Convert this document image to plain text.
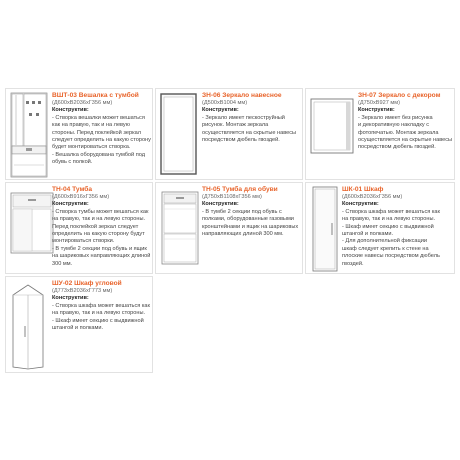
ВШТ-03 Вешалка с тумбой
(Д600хВ2036хГ356 мм)
Конструктив:
- Створка вешалки может вешаться
как на правую, так и на левую
стороны. Перед поклейкой зеркал
следует определить на какую сторону
будет монтироваться створка.
- Вешалка оборудована тумбой под
обувь с полкой.
ЗН-06 Зеркало навесное
(Д500хВ1004 мм)
Конструктив:
- Зеркало имеет пескоструйный
рисунок. Монтаж зеркала
осуществляется на скрытые навесы
посредством дюбель гвоздей.
ЗН-07 Зеркало с декором
(Д750хВ927 мм)
Конструктив:
- Зеркало имеет без рисунка
и декоративную накладку с
фотопечатью. Монтаж зеркала
осуществляется на скрытые навесы
посредством дюбель гвоздей.
ТН-04 Тумба
(Д600хВ916хГ356 мм)
Конструктив:
- Створка тумбы может вешаться как
на правую, так и на левую стороны.
Перед поклейкой зеркал следует
определить на какую сторону будут
монтироваться створки.
- В тумбе 2 секции под обувь и ящик
на шариковых направляющих длиной
300 мм.
ТН-05 Тумба для обуви
(Д750хВ1108хГ356 мм)
Конструктив:
- В тумбе 2 секции под обувь с
полками, оборудованные газовыми
кронштейнами и ящик на шариковых
направляющих длиной 300 мм.
ШК-01 Шкаф
(Д600хВ2036хГ356 мм)
Конструктив:
- Створка шкафа может вешаться как
на правую, так и на левую стороны.
- Шкаф имеет секцию с выдвижной
штангой и полками.
- Для дополнительной фиксации
шкаф следует крепить к стене на
плоские навесы посредством дюбель
гвоздей.
ШУ-02 Шкаф угловой
(Д773хВ2036хГ773 мм)
Конструктив:
- Створка шкафа может вешаться как
на правую, так и на левую стороны.
- Шкаф имеет секцию с выдвижной
штангой и полками.
